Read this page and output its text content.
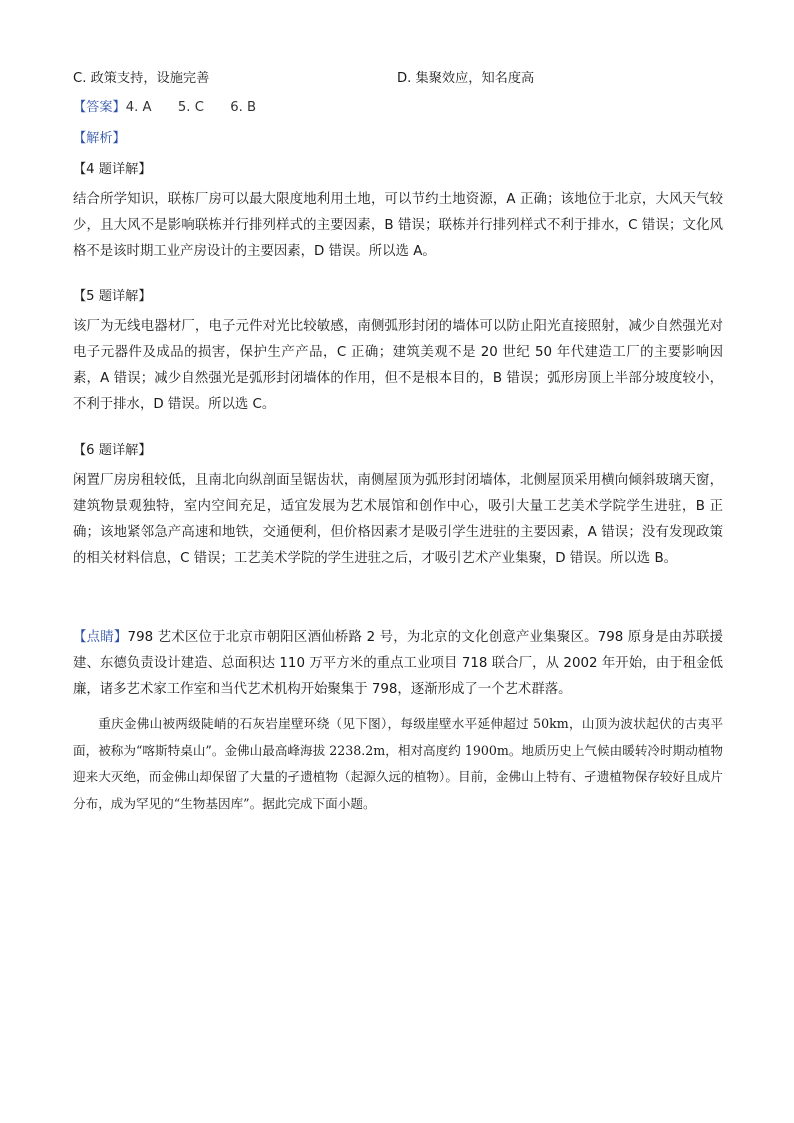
C. 政策支持，设施完善	D. 集聚效应，知名度高
【答案】4. A　　5. C　　6. B
【解析】
【4 题详解】
结合所学知识，联栋厂房可以最大限度地利用土地，可以节约土地资源，A 正确；该地位于北京，大风天气较少，且大风不是影响联栋并行排列样式的主要因素，B 错误；联栋并行排列样式不利于排水，C 错误；文化风格不是该时期工业产房设计的主要因素，D 错误。所以选 A。
【5 题详解】
该厂为无线电器材厂，电子元件对光比较敏感，南侧弧形封闭的墙体可以防止阳光直接照射，减少自然强光对电子元器件及成品的损害，保护生产产品，C 正确；建筑美观不是 20 世纪 50 年代建造工厂的主要影响因素，A 错误；减少自然强光是弧形封闭墙体的作用，但不是根本目的，B 错误；弧形房顶上半部分坡度较小，不利于排水，D 错误。所以选 C。
【6 题详解】
闲置厂房房租较低，且南北向纵剖面呈锯齿状，南侧屋顶为弧形封闭墙体，北侧屋顶采用横向倾斜玻璃天窗，建筑物景观独特，室内空间充足，适宜发展为艺术展馆和创作中心，吸引大量工艺美术学院学生进驻，B 正确；该地紧邻急产高速和地铁，交通便利，但价格因素才是吸引学生进驻的主要因素，A 错误；没有发现政策的相关材料信息，C 错误；工艺美术学院的学生进驻之后，才吸引艺术产业集聚，D 错误。所以选 B。
【点睛】798 艺术区位于北京市朝阳区酒仙桥路 2 号，为北京的文化创意产业集聚区。798 原身是由苏联援建、东德负责设计建造、总面积达 110 万平方米的重点工业项目 718 联合厂，从 2002 年开始，由于租金低廉，诸多艺术家工作室和当代艺术机构开始聚集于 798，逐渐形成了一个艺术群落。
重庆金佛山被两级陡峭的石灰岩崖壁环绕（见下图），每级崖壁水平延伸超过 50km，山顶为波状起伏的古夷平面，被称为“喀斯特桌山”。金佛山最高峰海拔 2238.2m，相对高度约 1900m。地质历史上气候由暖转冷时期动植物迎来大灭绝，而金佛山却保留了大量的孑遗植物（起源久远的植物）。目前，金佛山上特有、孑遗植物保存较好且成片分布，成为罕见的“生物基因库”。据此完成下面小题。
